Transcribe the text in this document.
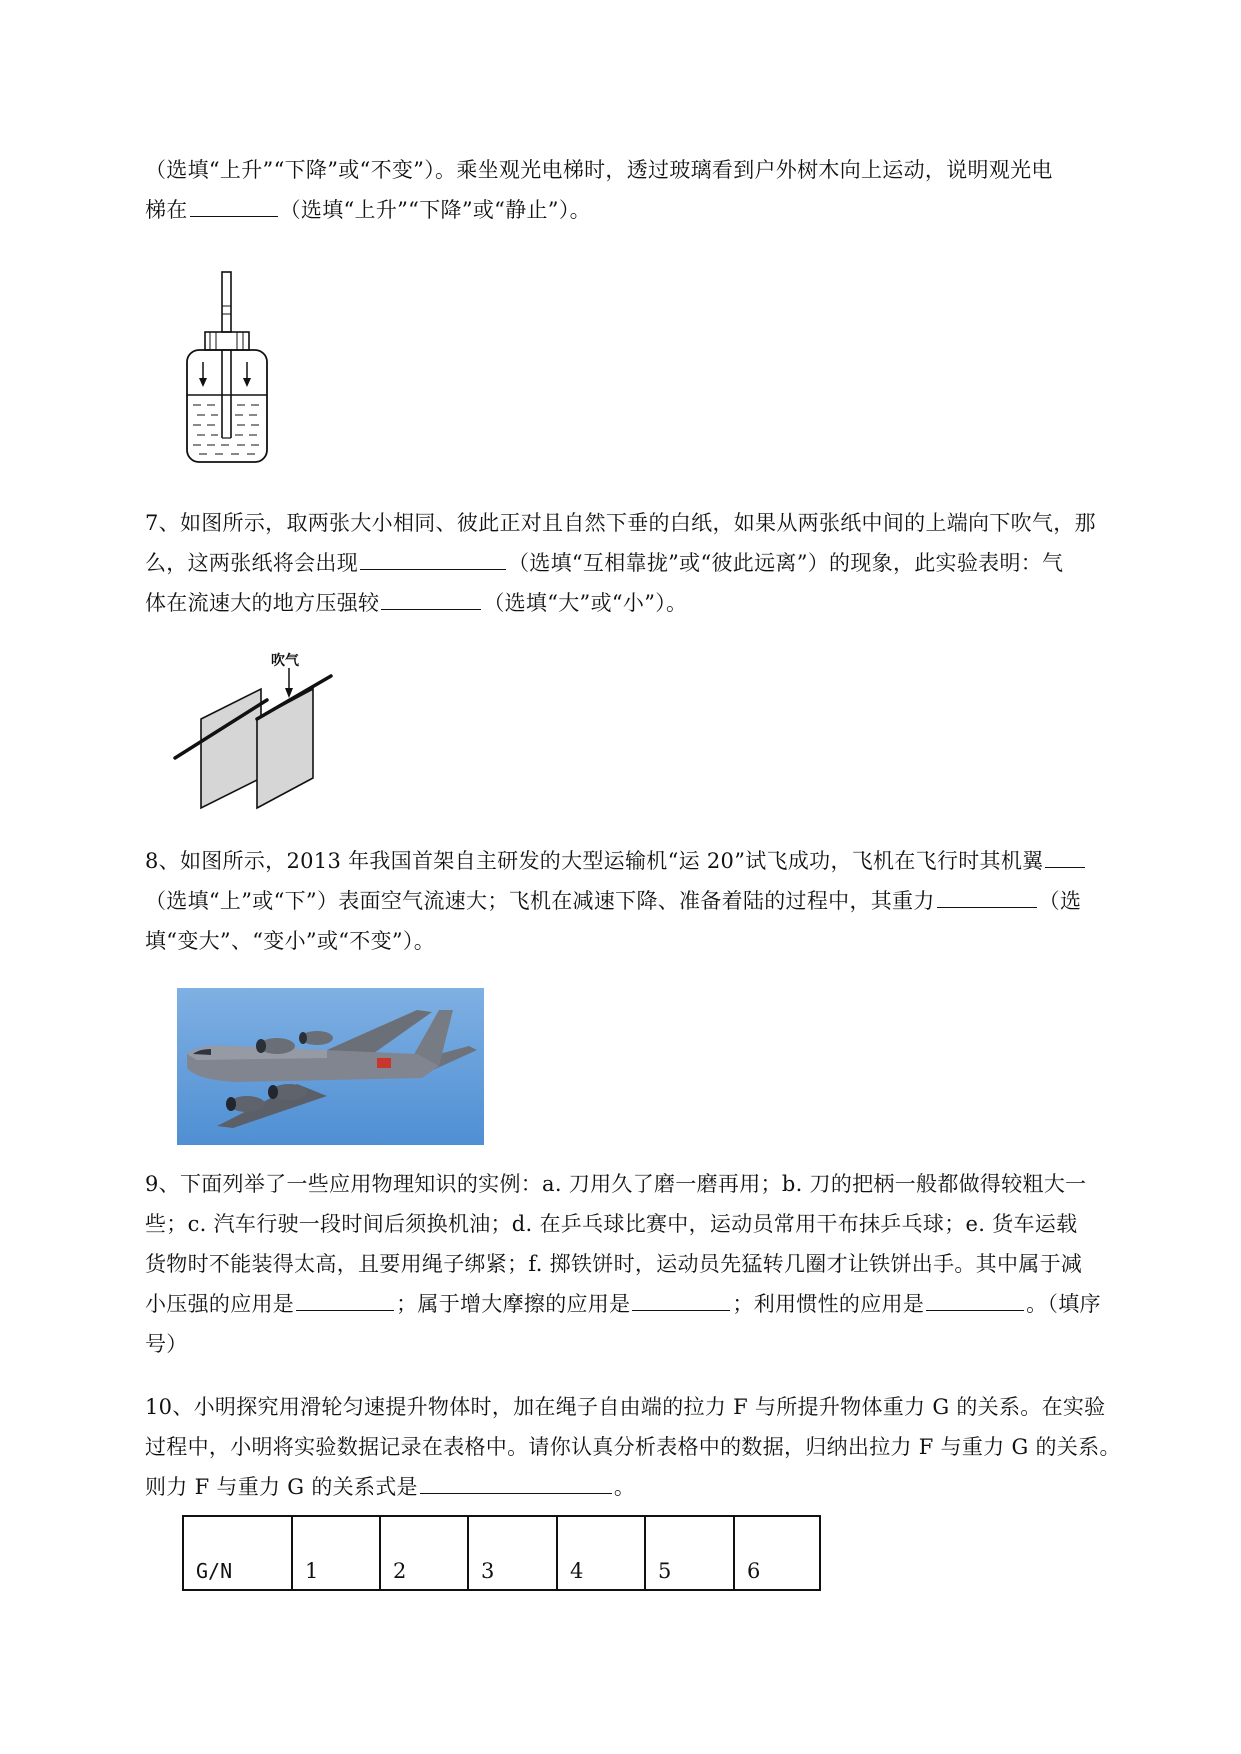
（选填“上升”“下降”或“不变”）。乘坐观光电梯时，透过玻璃看到户外树木向上运动，说明观光电
梯在	（选填“上升”“下降”或“静止”）。
7、如图所示，取两张大小相同、彼此正对且自然下垂的白纸，如果从两张纸中间的上端向下吹气，那
么，这两张纸将会出现	（选填“互相靠拢”或“彼此远离”）的现象，此实验表明：气
体在流速大的地方压强较	（选填“大”或“小”）。
吹气
8、如图所示，2013 年我国首架自主研发的大型运输机“运 20”试飞成功，飞机在飞行时其机翼
（选填“上”或“下”）表面空气流速大；飞机在减速下降、准备着陆的过程中，其重力	（选
填“变大”、“变小”或“不变”）。
9、下面列举了一些应用物理知识的实例：a. 刀用久了磨一磨再用；b. 刀的把柄一般都做得较粗大一
些；c. 汽车行驶一段时间后须换机油；d. 在乒乓球比赛中，运动员常用干布抹乒乓球；e. 货车运载
货物时不能装得太高，且要用绳子绑紧；f. 掷铁饼时，运动员先猛转几圈才让铁饼出手。其中属于减
小压强的应用是	；属于增大摩擦的应用是	；利用惯性的应用是	。（填序
号）
10、小明探究用滑轮匀速提升物体时，加在绳子自由端的拉力 F 与所提升物体重力 G 的关系。在实验
过程中，小明将实验数据记录在表格中。请你认真分析表格中的数据，归纳出拉力 F 与重力 G 的关系。
则力 F 与重力 G 的关系式是	。
G/N	1	2	3	4	5	6
